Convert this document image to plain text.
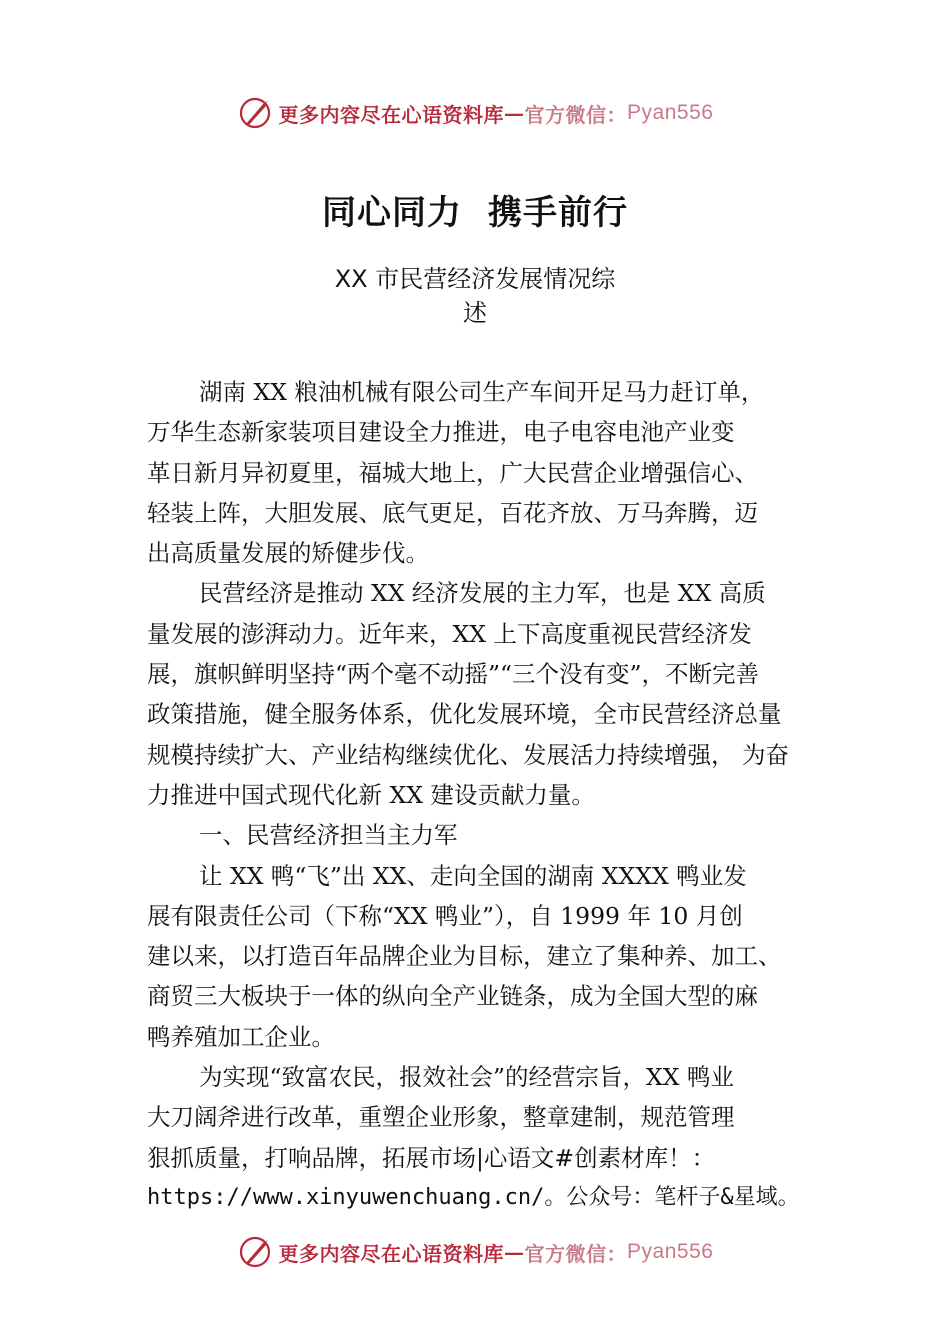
更多内容尽在心语资料库 — 官方微信： Pyan556
同心同力 携手前行
XX 市民营经济发展情况综
述

湖南 XX 粮油机械有限公司生产车间开足马力赶订单，
万华生态新家装项目建设全力推进，电子电容电池产业变
革日新月异初夏里，福城大地上，广大民营企业增强信心、
轻装上阵，大胆发展、底气更足，百花齐放、万马奔腾，迈
出高质量发展的矫健步伐。

民营经济是推动 XX 经济发展的主力军，也是 XX 高质
量发展的澎湃动力。近年来，XX 上下高度重视民营经济发
展，旗帜鲜明坚持“两个毫不动摇”“三个没有变”，不断完善
政策措施，健全服务体系，优化发展环境，全市民营经济总量
规模持续扩大、产业结构继续优化、发展活力持续增强， 为奋
力推进中国式现代化新 XX 建设贡献力量。

一、民营经济担当主力军

让 XX 鸭“飞”出 XX、走向全国的湖南 XXXX 鸭业发
展有限责任公司（下称“XX 鸭业”），自 1999 年 10 月创
建以来，以打造百年品牌企业为目标，建立了集种养、加工、
商贸三大板块于一体的纵向全产业链条，成为全国大型的麻
鸭养殖加工企业。

为实现“致富农民，报效社会”的经营宗旨，XX 鸭业
大刀阔斧进行改革，重塑企业形象，整章建制，规范管理
狠抓质量，打响品牌，拓展市场|心语文#创素材库！：
https://www.xinyuwenchuang.cn/。公众号：笔杆子&星域。

更多内容尽在心语资料库 — 官方微信： Pyan556
